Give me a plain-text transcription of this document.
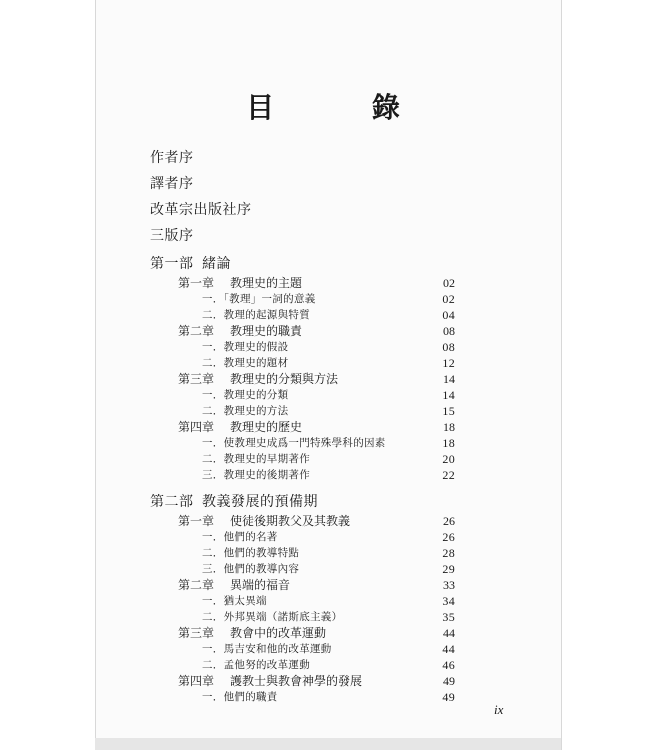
目 錄
作者序
譯者序
改革宗出版社序
三版序
第一部 緒論
第一章 教理史的主題	02
一．「教理」一詞的意義	02
二．教理的起源與特質	04
第二章 教理史的職責	08
一．教理史的假設	08
二．教理史的題材	12
第三章 教理史的分類與方法	14
一．教理史的分類	14
二．教理史的方法	15
第四章 教理史的歷史	18
一．使教理史成爲一門特殊學科的因素	18
二．教理史的早期著作	20
三．教理史的後期著作	22
第二部 教義發展的預備期
第一章 使徒後期教父及其教義	26
一．他們的名著	26
二．他們的教導特點	28
三．他們的教導內容	29
第二章 異端的福音	33
一．猶太異端	34
二．外邦異端（諾斯底主義）	35
第三章 教會中的改革運動	44
一．馬吉安和他的改革運動	44
二．孟他努的改革運動	46
第四章 護教士與教會神學的發展	49
一．他們的職責	49
ix
